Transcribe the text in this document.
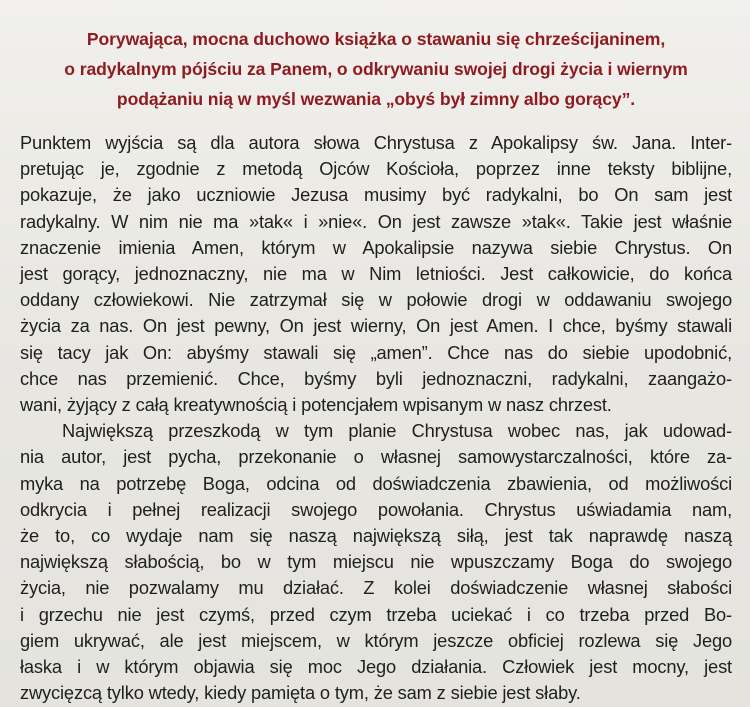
Porywająca, mocna duchowo książka o stawaniu się chrześcijaninem,
o radykalnym pójściu za Panem, o odkrywaniu swojej drogi życia i wiernym
podążaniu nią w myśl wezwania „obyś był zimny albo gorący”.
Punktem wyjścia są dla autora słowa Chrystusa z Apokalipsy św. Jana. Inter-
pretując je, zgodnie z metodą Ojców Kościoła, poprzez inne teksty biblijne,
pokazuje, że jako uczniowie Jezusa musimy być radykalni, bo On sam jest
radykalny. W nim nie ma »tak« i »nie«. On jest zawsze »tak«. Takie jest właśnie
znaczenie imienia Amen, którym w Apokalipsie nazywa siebie Chrystus. On
jest gorący, jednoznaczny, nie ma w Nim letniości. Jest całkowicie, do końca
oddany człowiekowi. Nie zatrzymał się w połowie drogi w oddawaniu swojego
życia za nas. On jest pewny, On jest wierny, On jest Amen. I chce, byśmy stawali
się tacy jak On: abyśmy stawali się „amen”. Chce nas do siebie upodobnić,
chce nas przemienić. Chce, byśmy byli jednoznaczni, radykalni, zaangażo-
wani, żyjący z całą kreatywnością i potencjałem wpisanym w nasz chrzest.
Największą przeszkodą w tym planie Chrystusa wobec nas, jak udowad-
nia autor, jest pycha, przekonanie o własnej samowystarczalności, które za-
myka na potrzebę Boga, odcina od doświadczenia zbawienia, od możliwości
odkrycia i pełnej realizacji swojego powołania. Chrystus uświadamia nam,
że to, co wydaje nam się naszą największą siłą, jest tak naprawdę naszą
największą słabością, bo w tym miejscu nie wpuszczamy Boga do swojego
życia, nie pozwalamy mu działać. Z kolei doświadczenie własnej słabości
i grzechu nie jest czymś, przed czym trzeba uciekać i co trzeba przed Bo-
giem ukrywać, ale jest miejscem, w którym jeszcze obficiej rozlewa się Jego
łaska i w którym objawia się moc Jego działania. Człowiek jest mocny, jest
zwycięzcą tylko wtedy, kiedy pamięta o tym, że sam z siebie jest słaby.
